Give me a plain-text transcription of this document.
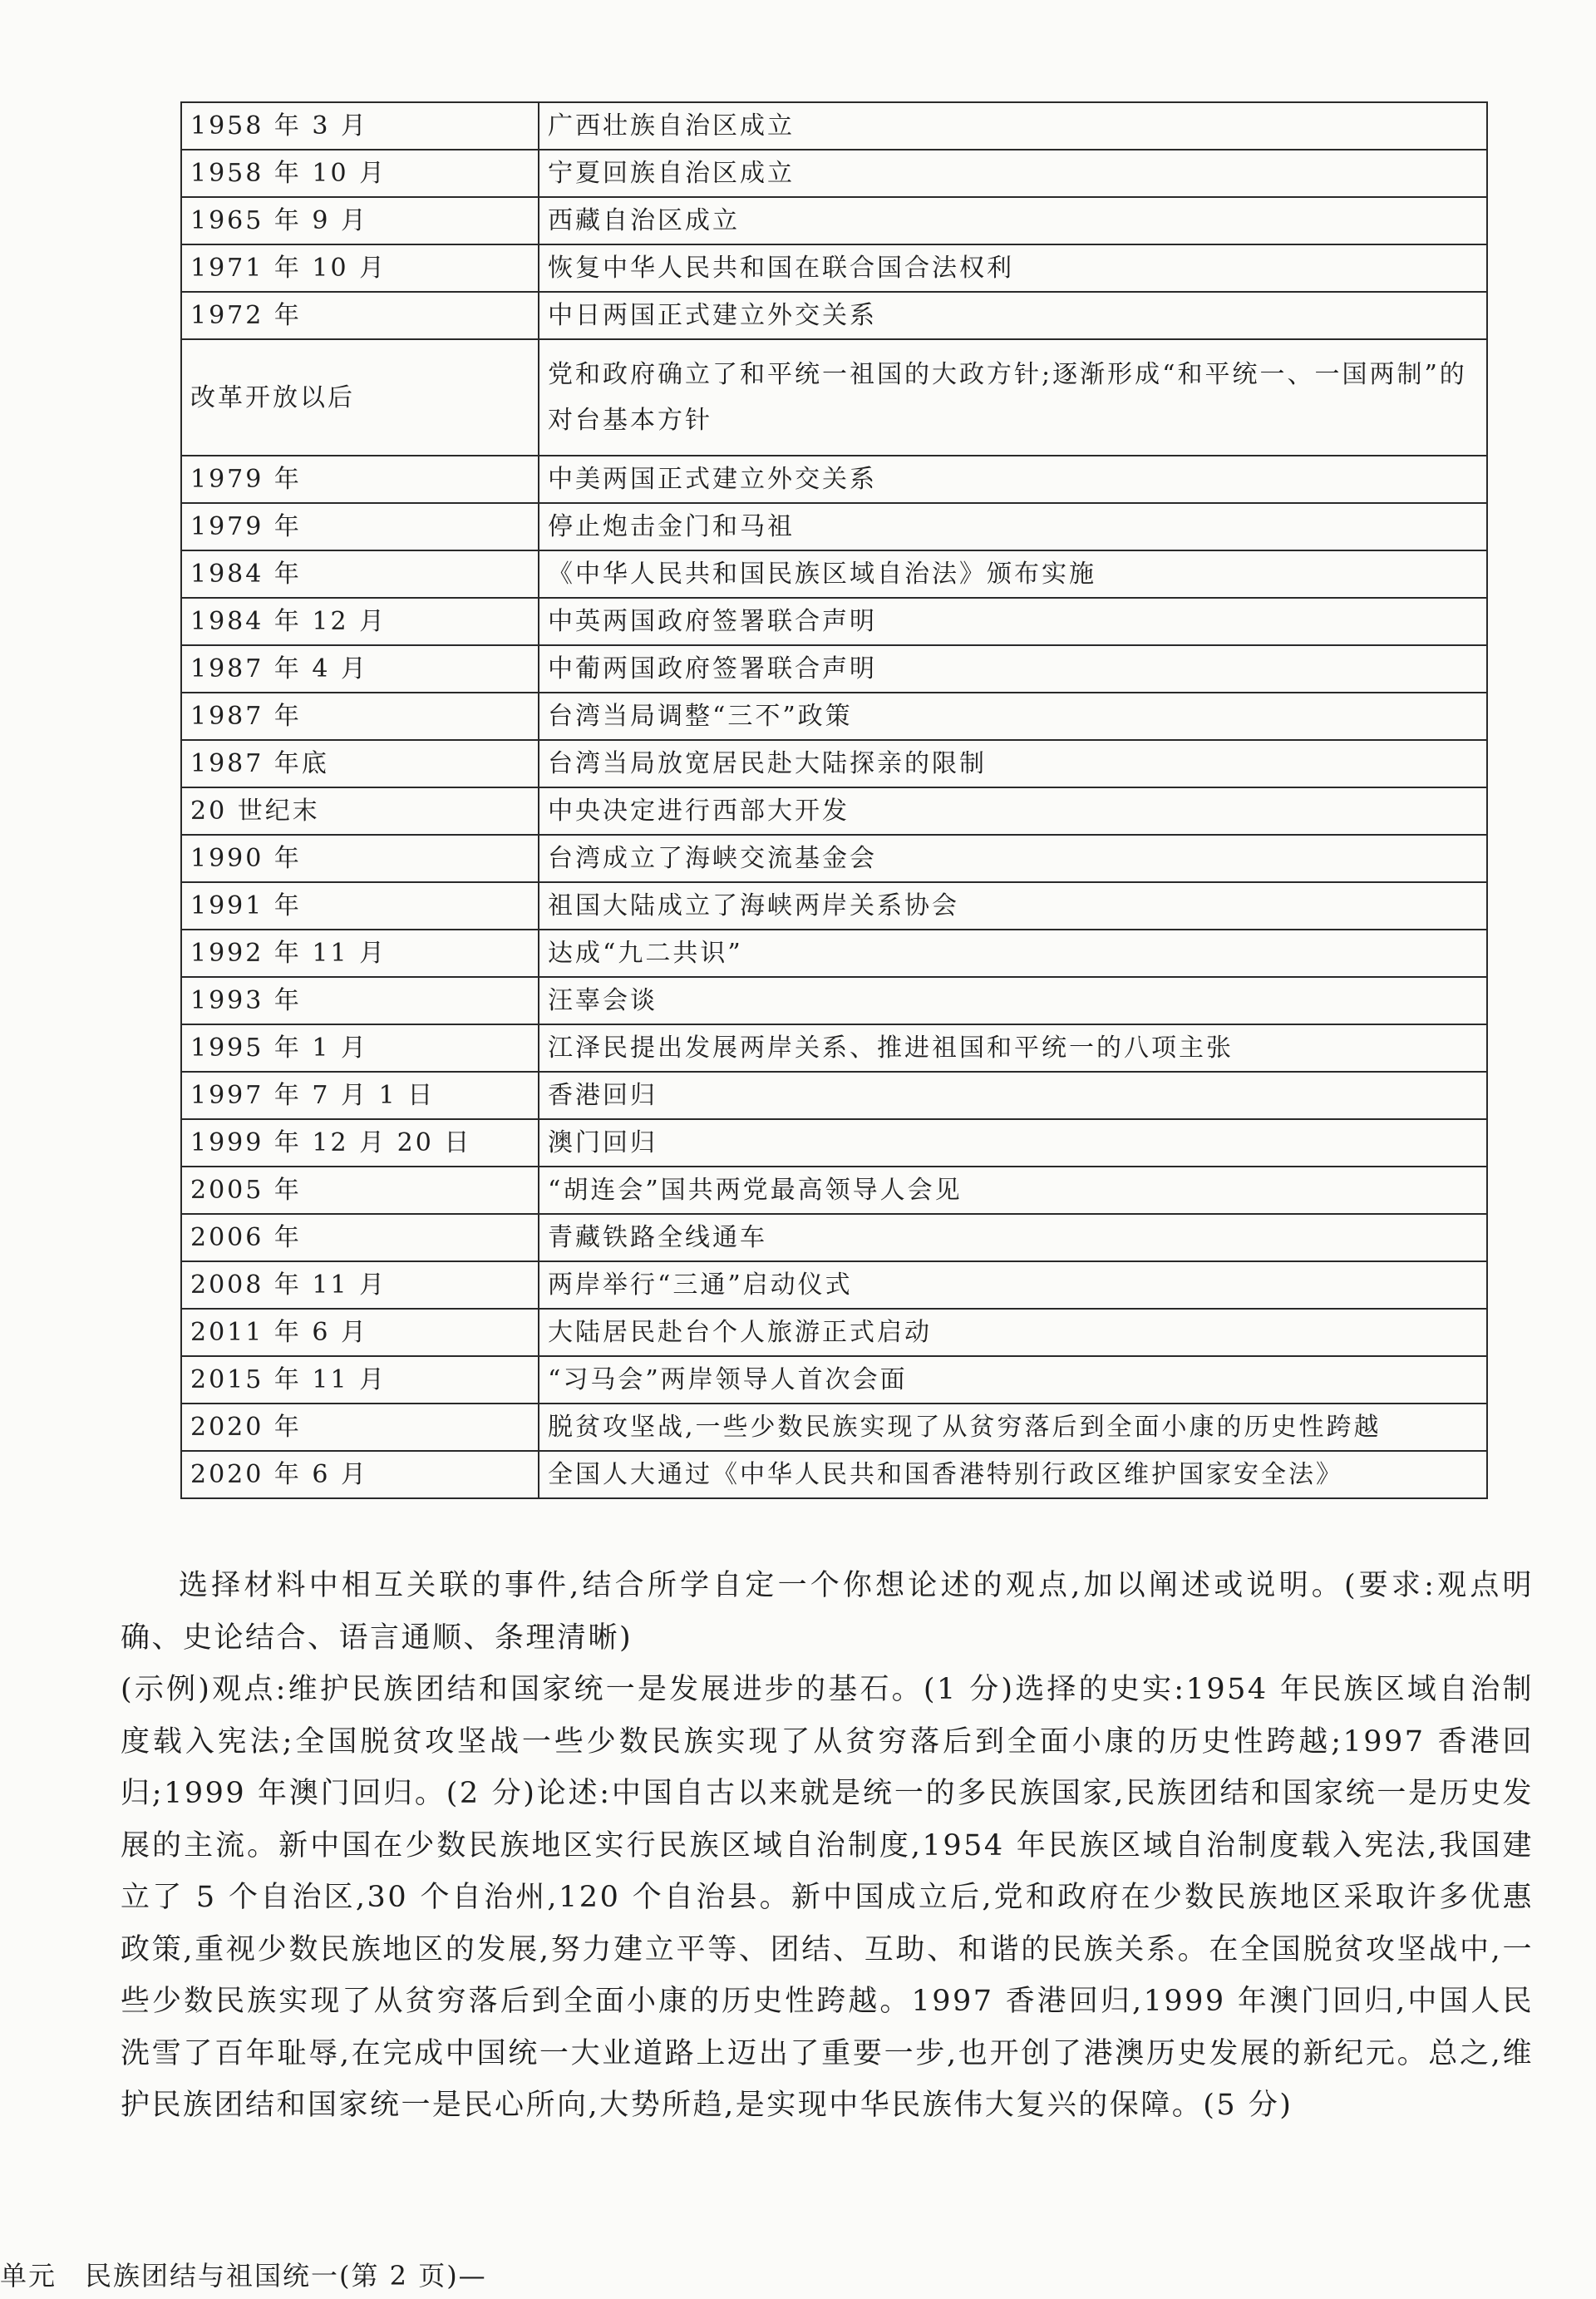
1958 年 3 月	广西壮族自治区成立
1958 年 10 月	宁夏回族自治区成立
1965 年 9 月	西藏自治区成立
1971 年 10 月	恢复中华人民共和国在联合国合法权利
1972 年	中日两国正式建立外交关系
改革开放以后	党和政府确立了和平统一祖国的大政方针;逐渐形成“和平统一、一国两制”的对台基本方针
1979 年	中美两国正式建立外交关系
1979 年	停止炮击金门和马祖
1984 年	《中华人民共和国民族区域自治法》颁布实施
1984 年 12 月	中英两国政府签署联合声明
1987 年 4 月	中葡两国政府签署联合声明
1987 年	台湾当局调整“三不”政策
1987 年底	台湾当局放宽居民赴大陆探亲的限制
20 世纪末	中央决定进行西部大开发
1990 年	台湾成立了海峡交流基金会
1991 年	祖国大陆成立了海峡两岸关系协会
1992 年 11 月	达成“九二共识”
1993 年	汪辜会谈
1995 年 1 月	江泽民提出发展两岸关系、推进祖国和平统一的八项主张
1997 年 7 月 1 日	香港回归
1999 年 12 月 20 日	澳门回归
2005 年	“胡连会”国共两党最高领导人会见
2006 年	青藏铁路全线通车
2008 年 11 月	两岸举行“三通”启动仪式
2011 年 6 月	大陆居民赴台个人旅游正式启动
2015 年 11 月	“习马会”两岸领导人首次会面
2020 年	脱贫攻坚战,一些少数民族实现了从贫穷落后到全面小康的历史性跨越
2020 年 6 月	全国人大通过《中华人民共和国香港特别行政区维护国家安全法》

选择材料中相互关联的事件,结合所学自定一个你想论述的观点,加以阐述或说明。(要求:观点明确、史论结合、语言通顺、条理清晰)

(示例)观点:维护民族团结和国家统一是发展进步的基石。(1 分)选择的史实:1954 年民族区域自治制度载入宪法;全国脱贫攻坚战一些少数民族实现了从贫穷落后到全面小康的历史性跨越;1997 香港回归;1999 年澳门回归。(2 分)论述:中国自古以来就是统一的多民族国家,民族团结和国家统一是历史发展的主流。新中国在少数民族地区实行民族区域自治制度,1954 年民族区域自治制度载入宪法,我国建立了 5 个自治区,30 个自治州,120 个自治县。新中国成立后,党和政府在少数民族地区采取许多优惠政策,重视少数民族地区的发展,努力建立平等、团结、互助、和谐的民族关系。在全国脱贫攻坚战中,一些少数民族实现了从贫穷落后到全面小康的历史性跨越。1997 香港回归,1999 年澳门回归,中国人民洗雪了百年耻辱,在完成中国统一大业道路上迈出了重要一步,也开创了港澳历史发展的新纪元。总之,维护民族团结和国家统一是民心所向,大势所趋,是实现中华民族伟大复兴的保障。(5 分)

单元　民族团结与祖国统一(第 2 页)—
